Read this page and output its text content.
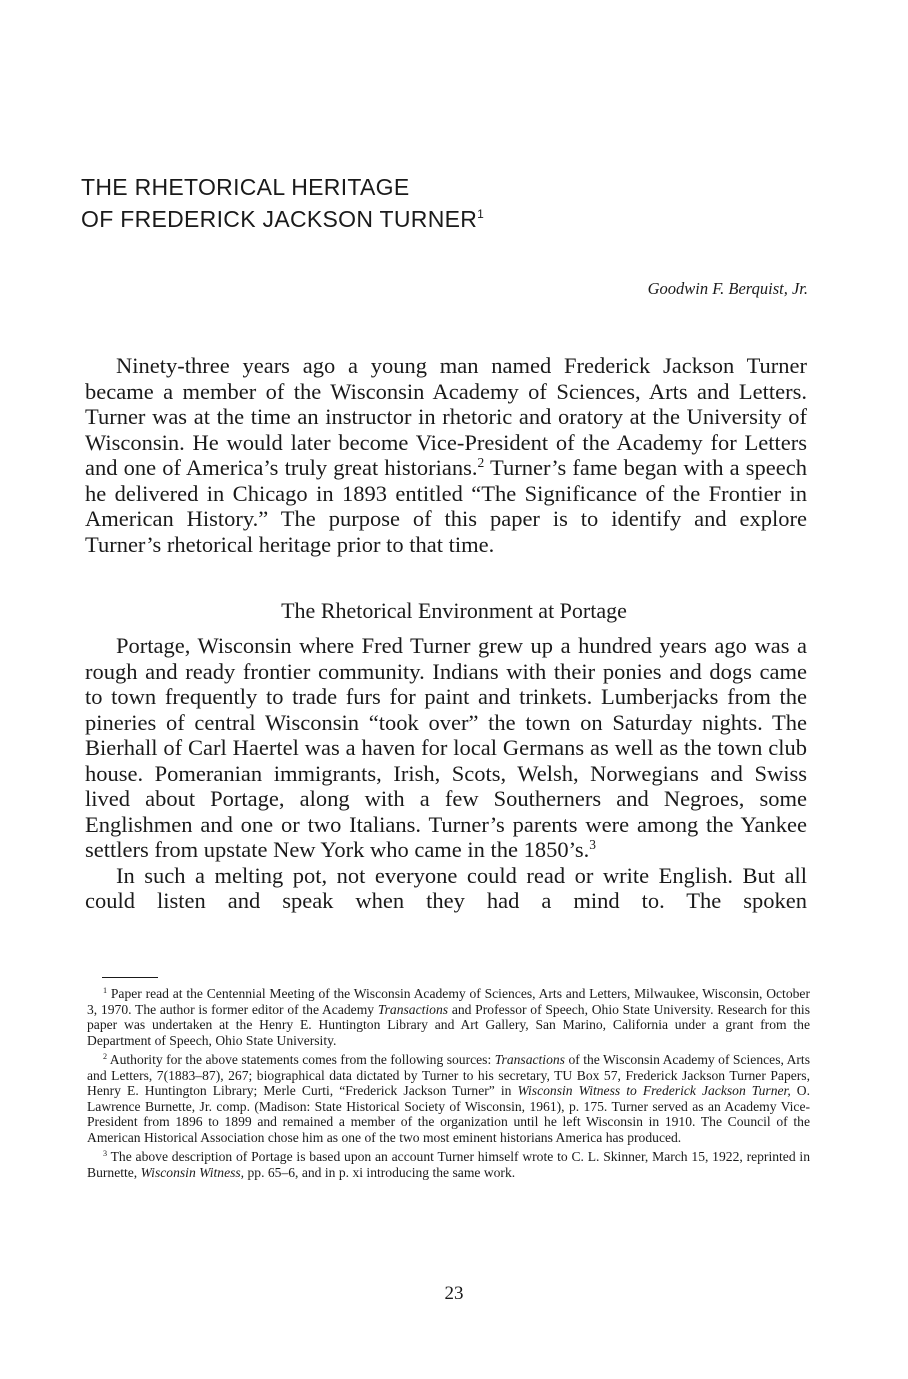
THE RHETORICAL HERITAGE
OF FREDERICK JACKSON TURNER$^1$
Goodwin F. Berquist, Jr.

Ninety-three years ago a young man named Frederick Jackson Turner became a member of the Wisconsin Academy of Sciences, Arts and Letters. Turner was at the time an instructor in rhetoric and oratory at the University of Wisconsin. He would later become Vice-President of the Academy for Letters and one of America’s truly great historians.$^2$ Turner’s fame began with a speech he delivered in Chicago in 1893 entitled “The Significance of the Frontier in American History.” The purpose of this paper is to identify and explore Turner’s rhetorical heritage prior to that time.

The Rhetorical Environment at Portage

Portage, Wisconsin where Fred Turner grew up a hundred years ago was a rough and ready frontier community. Indians with their ponies and dogs came to town frequently to trade furs for paint and trinkets. Lumberjacks from the pineries of central Wisconsin “took over” the town on Saturday nights. The Bierhall of Carl Haertel was a haven for local Germans as well as the town club house. Pomeranian immigrants, Irish, Scots, Welsh, Norwegians and Swiss lived about Portage, along with a few Southerners and Negroes, some Englishmen and one or two Italians. Turner’s parents were among the Yankee settlers from upstate New York who came in the 1850’s.$^3$

In such a melting pot, not everyone could read or write English. But all could listen and speak when they had a mind to. The spoken

$^1$ Paper read at the Centennial Meeting of the Wisconsin Academy of Sciences, Arts and Letters, Milwaukee, Wisconsin, October 3, 1970. The author is former editor of the Academy Transactions and Professor of Speech, Ohio State University. Research for this paper was undertaken at the Henry E. Huntington Library and Art Gallery, San Marino, California under a grant from the Department of Speech, Ohio State University.

$^2$ Authority for the above statements comes from the following sources: Transactions of the Wisconsin Academy of Sciences, Arts and Letters, 7(1883–87), 267; biographical data dictated by Turner to his secretary, TU Box 57, Frederick Jackson Turner Papers, Henry E. Huntington Library; Merle Curti, “Frederick Jackson Turner” in Wisconsin Witness to Frederick Jackson Turner, O. Lawrence Burnette, Jr. comp. (Madison: State Historical Society of Wisconsin, 1961), p. 175. Turner served as an Academy Vice-President from 1896 to 1899 and remained a member of the organization until he left Wisconsin in 1910. The Council of the American Historical Association chose him as one of the two most eminent historians America has produced.

$^3$ The above description of Portage is based upon an account Turner himself wrote to C. L. Skinner, March 15, 1922, reprinted in Burnette, Wisconsin Witness, pp. 65–6, and in p. xi introducing the same work.

23
